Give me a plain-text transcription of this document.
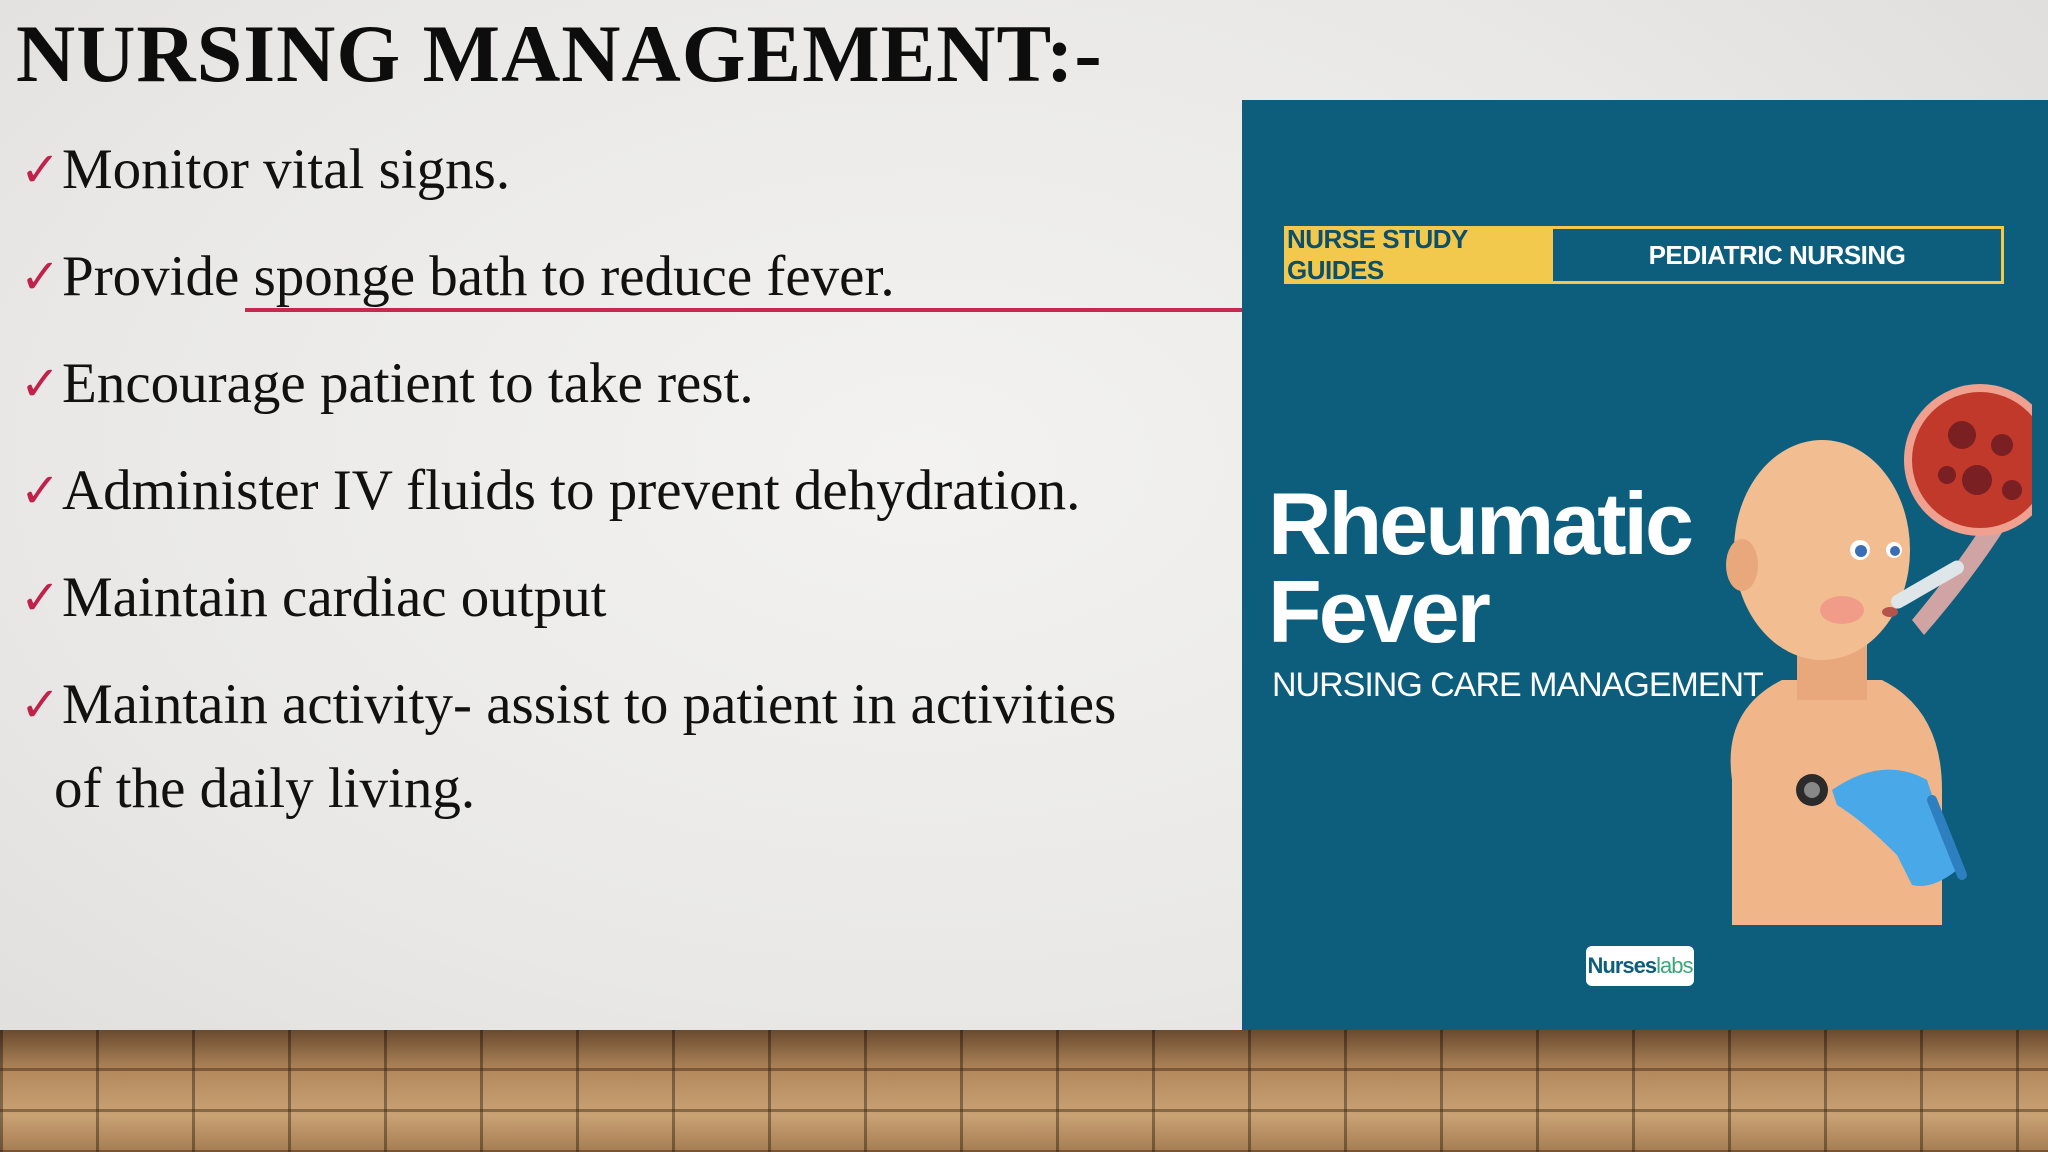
NURSING MANAGEMENT:-
✓ Monitor vital signs.
✓ Provide sponge bath to reduce fever.
✓ Encourage patient to take rest.
✓ Administer IV fluids to prevent dehydration.
✓ Maintain cardiac output
✓ Maintain activity- assist to patient in activities
of the daily living.
NURSE STUDY GUIDES
PEDIATRIC NURSING
Rheumatic
Fever
NURSING CARE MANAGEMENT
Nurses labs
